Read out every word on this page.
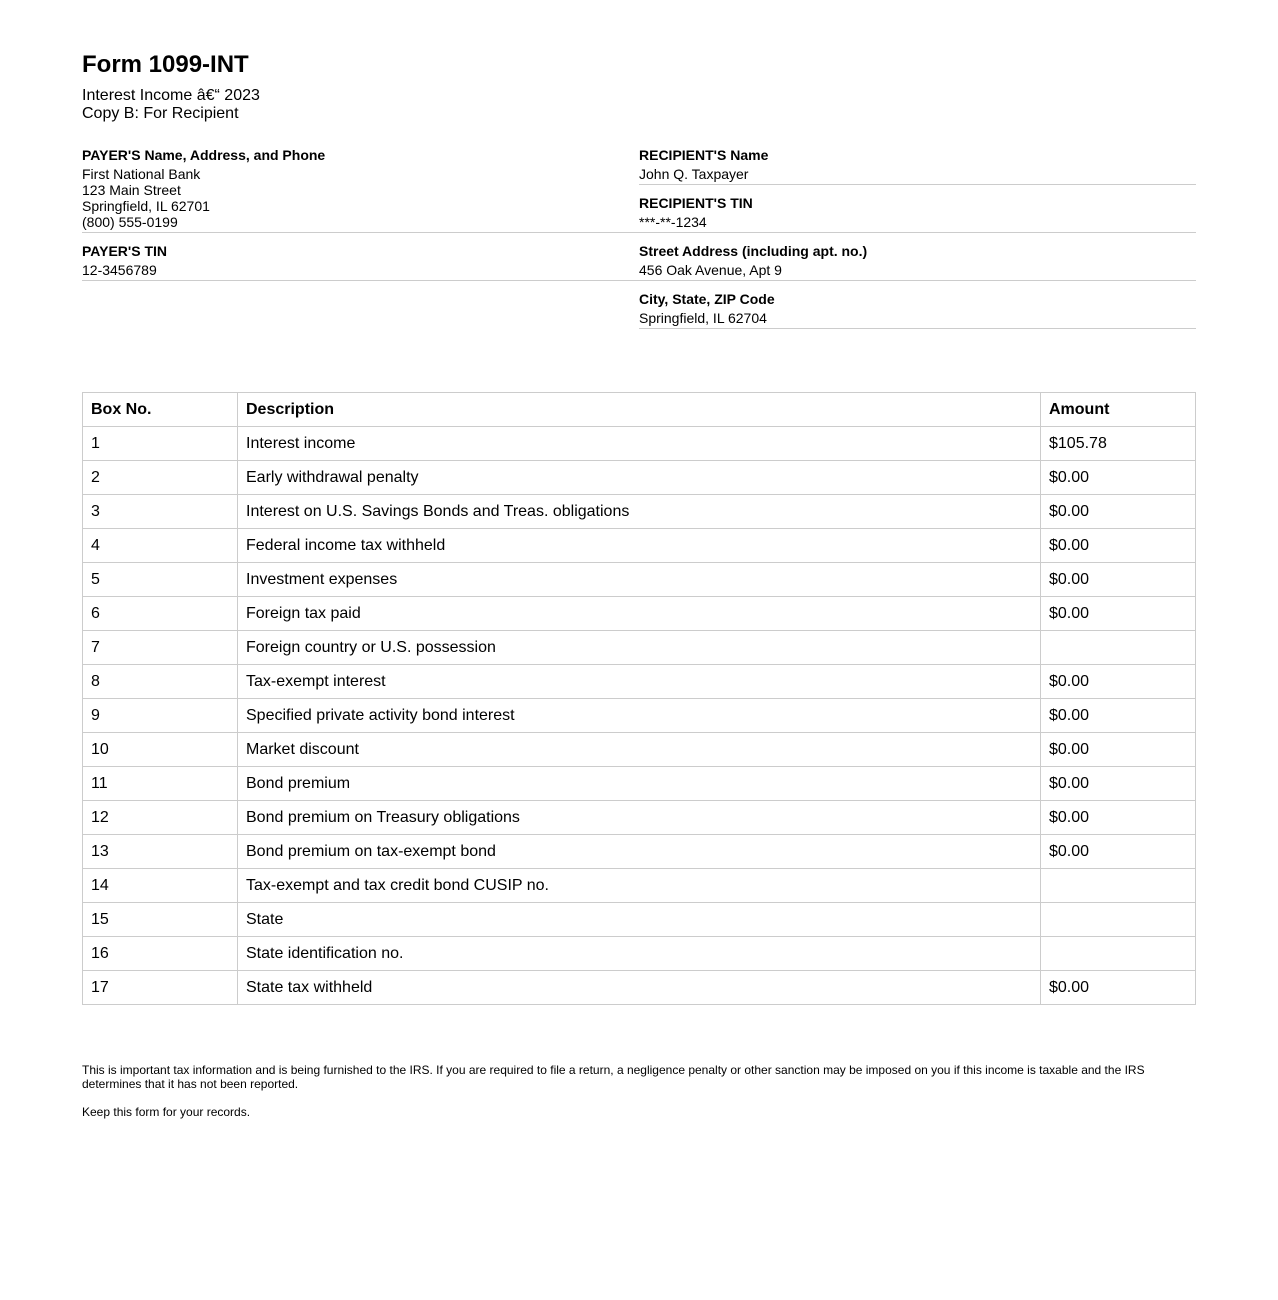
Form 1099-INT
Interest Income â€“ 2023
Copy B: For Recipient
PAYER'S Name, Address, and Phone
First National Bank
123 Main Street
Springfield, IL 62701
(800) 555-0199
PAYER'S TIN
12-3456789
RECIPIENT'S Name
John Q. Taxpayer
RECIPIENT'S TIN
***-**-1234
Street Address (including apt. no.)
456 Oak Avenue, Apt 9
City, State, ZIP Code
Springfield, IL 62704
Box No.	Description	Amount
1	Interest income	$105.78
2	Early withdrawal penalty	$0.00
3	Interest on U.S. Savings Bonds and Treas. obligations	$0.00
4	Federal income tax withheld	$0.00
5	Investment expenses	$0.00
6	Foreign tax paid	$0.00
7	Foreign country or U.S. possession	
8	Tax-exempt interest	$0.00
9	Specified private activity bond interest	$0.00
10	Market discount	$0.00
11	Bond premium	$0.00
12	Bond premium on Treasury obligations	$0.00
13	Bond premium on tax-exempt bond	$0.00
14	Tax-exempt and tax credit bond CUSIP no.	
15	State	
16	State identification no.	
17	State tax withheld	$0.00

This is important tax information and is being furnished to the IRS. If you are required to file a return, a negligence penalty or other sanction may be imposed on you if this income is taxable and the IRS determines that it has not been reported.

Keep this form for your records.
